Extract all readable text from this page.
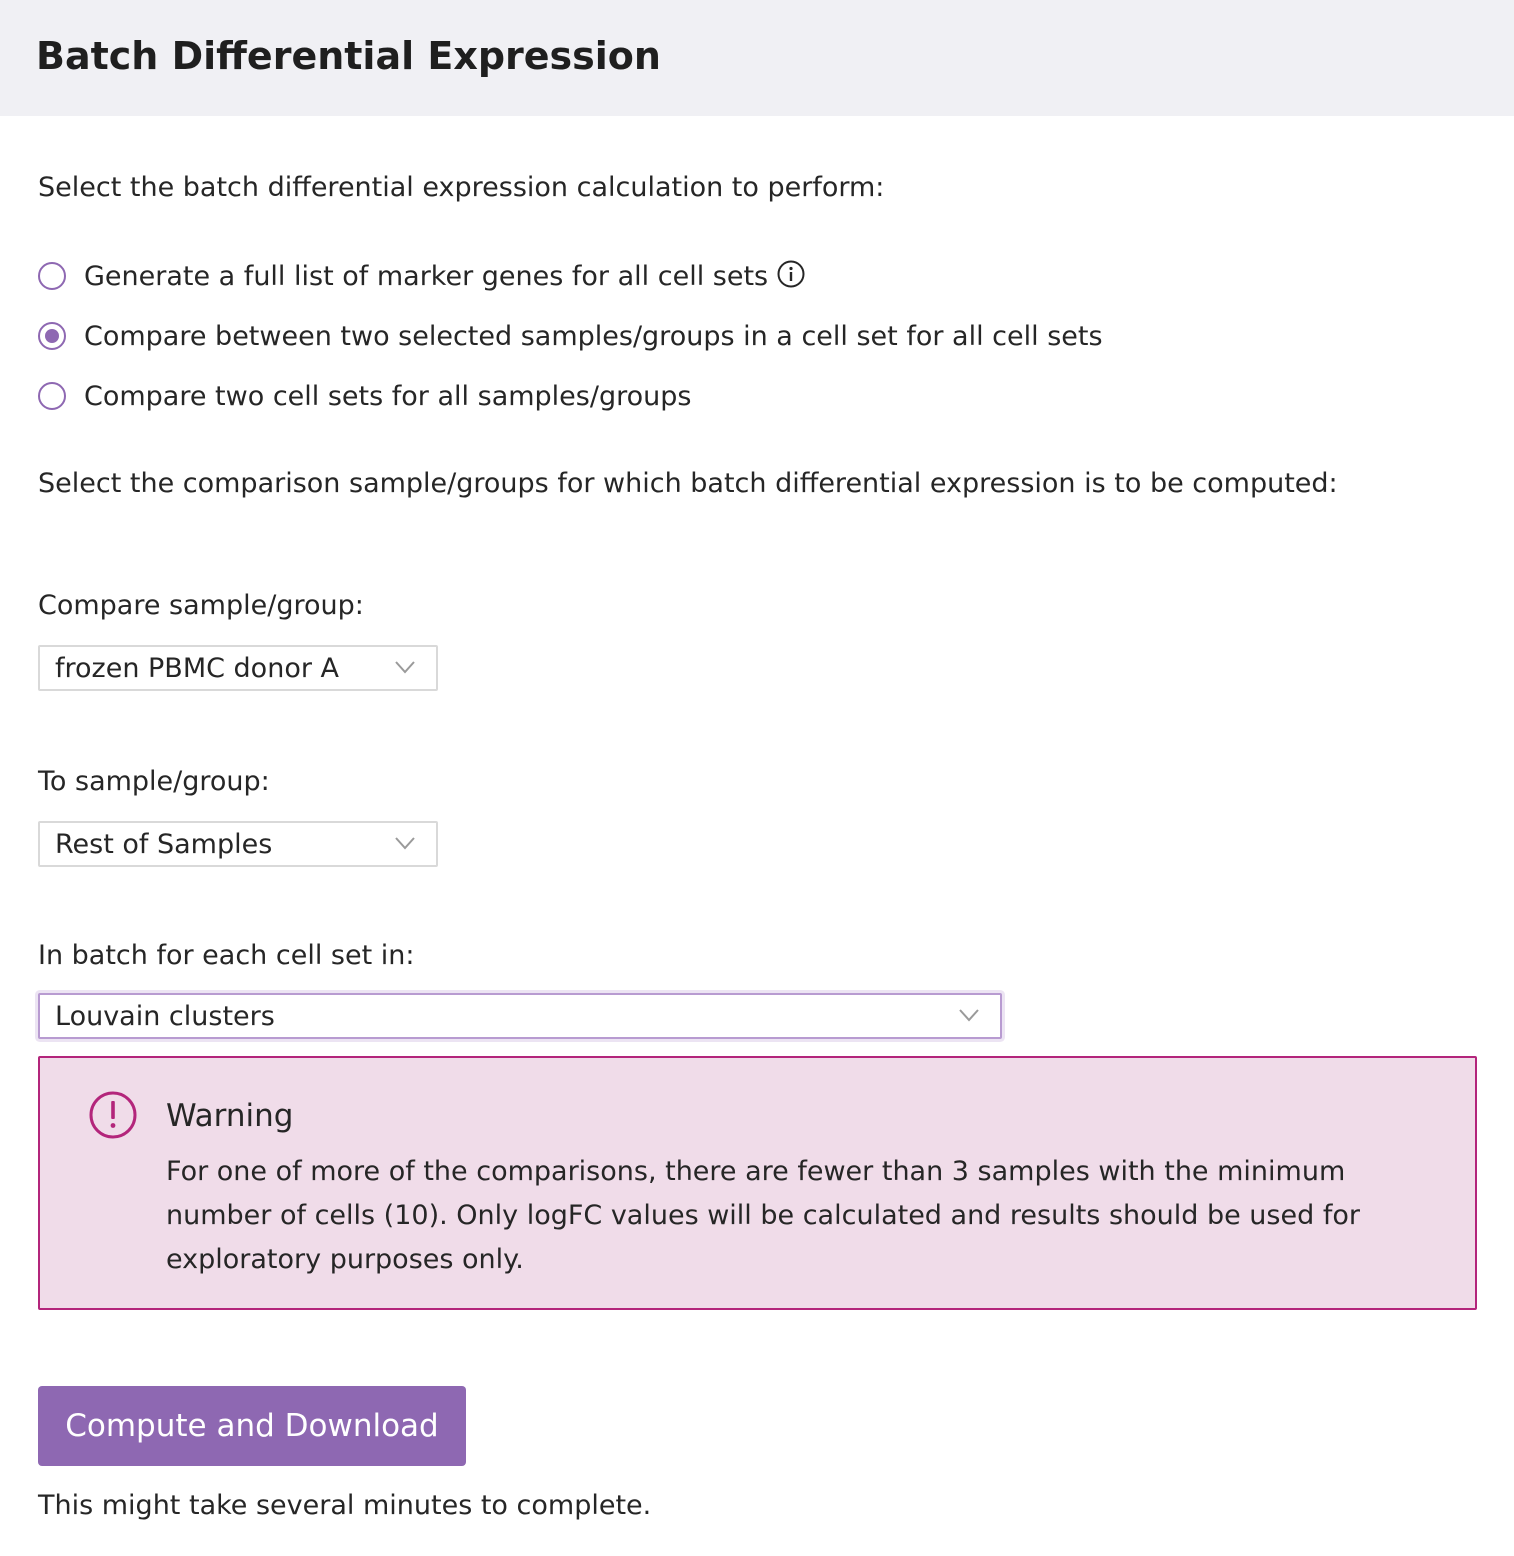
Batch Differential Expression
Select the batch differential expression calculation to perform:
Generate a full list of marker genes for all cell sets
Compare between two selected samples/groups in a cell set for all cell sets
Compare two cell sets for all samples/groups
Select the comparison sample/groups for which batch differential expression is to be computed:
Compare sample/group:
frozen PBMC donor A
To sample/group:
Rest of Samples
In batch for each cell set in:
Louvain clusters
Warning
For one of more of the comparisons, there are fewer than 3 samples with the minimum number of cells (10). Only logFC values will be calculated and results should be used for exploratory purposes only.
Compute and Download
This might take several minutes to complete.
